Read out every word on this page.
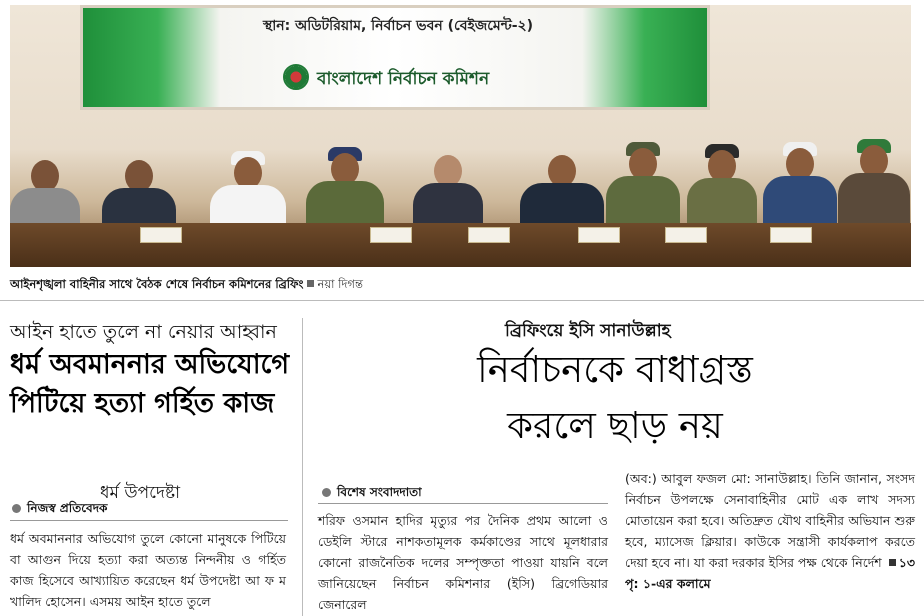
স্থান: অডিটরিয়াম, নির্বাচন ভবন (বেইজমেন্ট-২)
বাংলাদেশ নির্বাচন কমিশন
আইনশৃঙ্খলা বাহিনীর সাথে বৈঠক শেষে নির্বাচন কমিশনের ব্রিফিং নয়া দিগন্ত
আইন হাতে তুলে না নেয়ার আহ্বান
ধর্ম অবমাননার অভিযোগে পিটিয়ে হত্যা গর্হিত কাজ
ধর্ম উপদেষ্টা
নিজস্ব প্রতিবেদক
ধর্ম অবমাননার অভিযোগ তুলে কোনো মানুষকে পিটিয়ে বা আগুন দিয়ে হত্যা করা অত্যন্ত নিন্দনীয় ও গর্হিত কাজ হিসেবে আখ্যায়িত করেছেন ধর্ম উপদেষ্টা আ ফ ম খালিদ হোসেন। এসময় আইন হাতে তুলে
ব্রিফিংয়ে ইসি সানাউল্লাহ
নির্বাচনকে বাধাগ্রস্ত
করলে ছাড় নয়
বিশেষ সংবাদদাতা
শরিফ ওসমান হাদির মৃত্যুর পর দৈনিক প্রথম আলো ও ডেইলি স্টারে নাশকতামূলক কর্মকাণ্ডের সাথে মূলধারার কোনো রাজনৈতিক দলের সম্পৃক্ততা পাওয়া যায়নি বলে জানিয়েছেন নির্বাচন কমিশনার (ইসি) ব্রিগেডিয়ার জেনারেল
(অব:) আবুল ফজল মো: সানাউল্লাহ। তিনি জানান, সংসদ নির্বাচন উপলক্ষে সেনাবাহিনীর মোট এক লাখ সদস্য মোতায়েন করা হবে। অতিদ্রুত যৌথ বাহিনীর অভিযান শুরু হবে, ম্যাসেজ ক্লিয়ার। কাউকে সন্ত্রাসী কার্যকলাপ করতে দেয়া হবে না। যা করা দরকার ইসির পক্ষ থেকে নির্দেশ ১৩ পৃ: ১-এর কলামে
